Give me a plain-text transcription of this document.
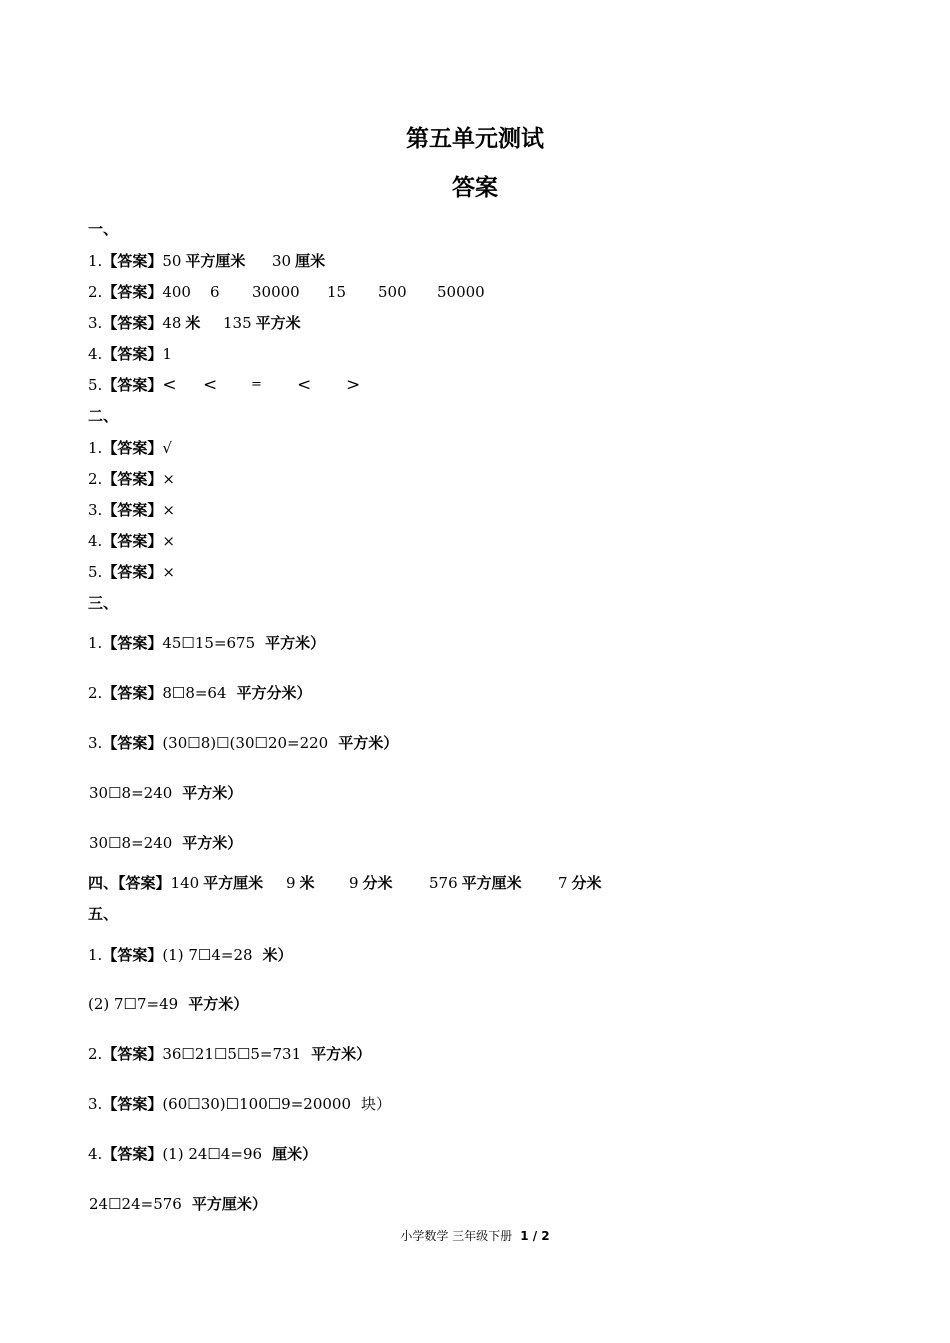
第五单元测试
答案
一、
1.【答案】50 平方厘米 30 厘米
2.【答案】400 6 30000 15 500 50000
3.【答案】48 米 135 平方米
4.【答案】1
5.【答案】< <	= < >
二、
1.【答案】√
2.【答案】×
3.【答案】×
4.【答案】×
5.【答案】×
三、
1.【答案】45☐15=675 平方米）
2.【答案】8☐8=64 平方分米）
3.【答案】(30☐8)☐(30☐20=220 平方米）
30☐8=240 平方米）
30☐8=240 平方米）
四、【答案】140 平方厘米 9 米 9 分米 576 平方厘米 7 分米
五、
1.【答案】(1) 7☐4=28 米）
(2) 7☐7=49 平方米）
2.【答案】36☐21☐5☐5=731 平方米）
3.【答案】(60☐30)☐100☐9=20000 块）
4.【答案】(1) 24☐4=96 厘米）
24☐24=576 平方厘米）
小学数学 三年级下册 1 / 2
